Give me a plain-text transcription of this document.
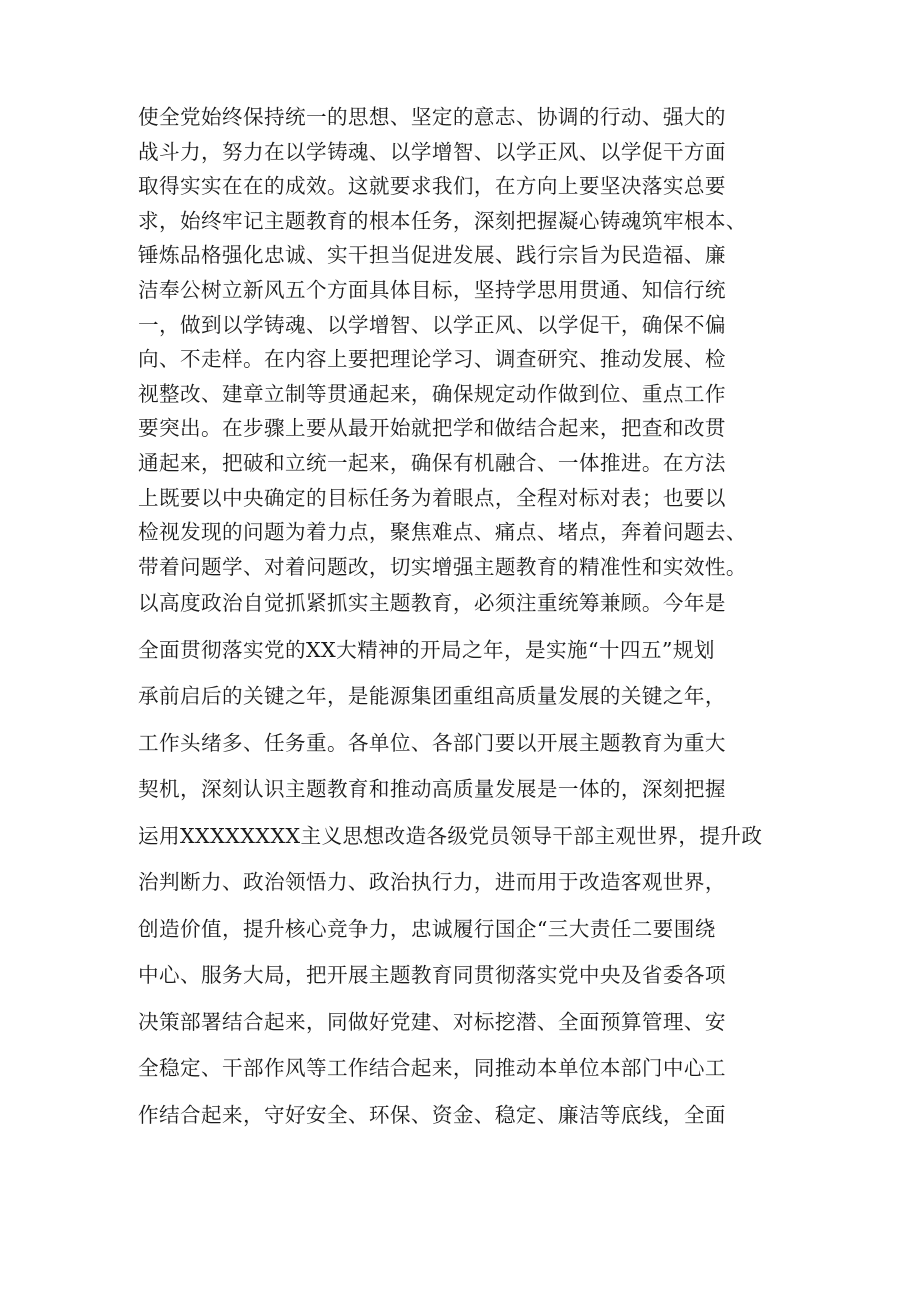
使全党始终保持统一的思想、坚定的意志、协调的行动、强大的
战斗力，努力在以学铸魂、以学增智、以学正风、以学促干方面
取得实实在在的成效。这就要求我们，在方向上要坚决落实总要
求，始终牢记主题教育的根本任务，深刻把握凝心铸魂筑牢根本、
锤炼品格强化忠诚、实干担当促进发展、践行宗旨为民造福、廉
洁奉公树立新风五个方面具体目标，坚持学思用贯通、知信行统
一，做到以学铸魂、以学增智、以学正风、以学促干，确保不偏
向、不走样。在内容上要把理论学习、调查研究、推动发展、检
视整改、建章立制等贯通起来，确保规定动作做到位、重点工作
要突出。在步骤上要从最开始就把学和做结合起来，把查和改贯
通起来，把破和立统一起来，确保有机融合、一体推进。在方法
上既要以中央确定的目标任务为着眼点，全程对标对表；也要以
检视发现的问题为着力点，聚焦难点、痛点、堵点，奔着问题去、
带着问题学、对着问题改，切实增强主题教育的精准性和实效性。

以高度政治自觉抓紧抓实主题教育，必须注重统筹兼顾。今年是
全面贯彻落实党的XX大精神的开局之年，是实施“十四五”规划
承前启后的关键之年，是能源集团重组高质量发展的关键之年，
工作头绪多、任务重。各单位、各部门要以开展主题教育为重大
契机，深刻认识主题教育和推动高质量发展是一体的，深刻把握
运用XXXXXXXX主义思想改造各级党员领导干部主观世界，提升政
治判断力、政治领悟力、政治执行力，进而用于改造客观世界，
创造价值，提升核心竞争力，忠诚履行国企“三大责任二要围绕
中心、服务大局，把开展主题教育同贯彻落实党中央及省委各项
决策部署结合起来，同做好党建、对标挖潜、全面预算管理、安
全稳定、干部作风等工作结合起来，同推动本单位本部门中心工
作结合起来，守好安全、环保、资金、稳定、廉洁等底线，全面
